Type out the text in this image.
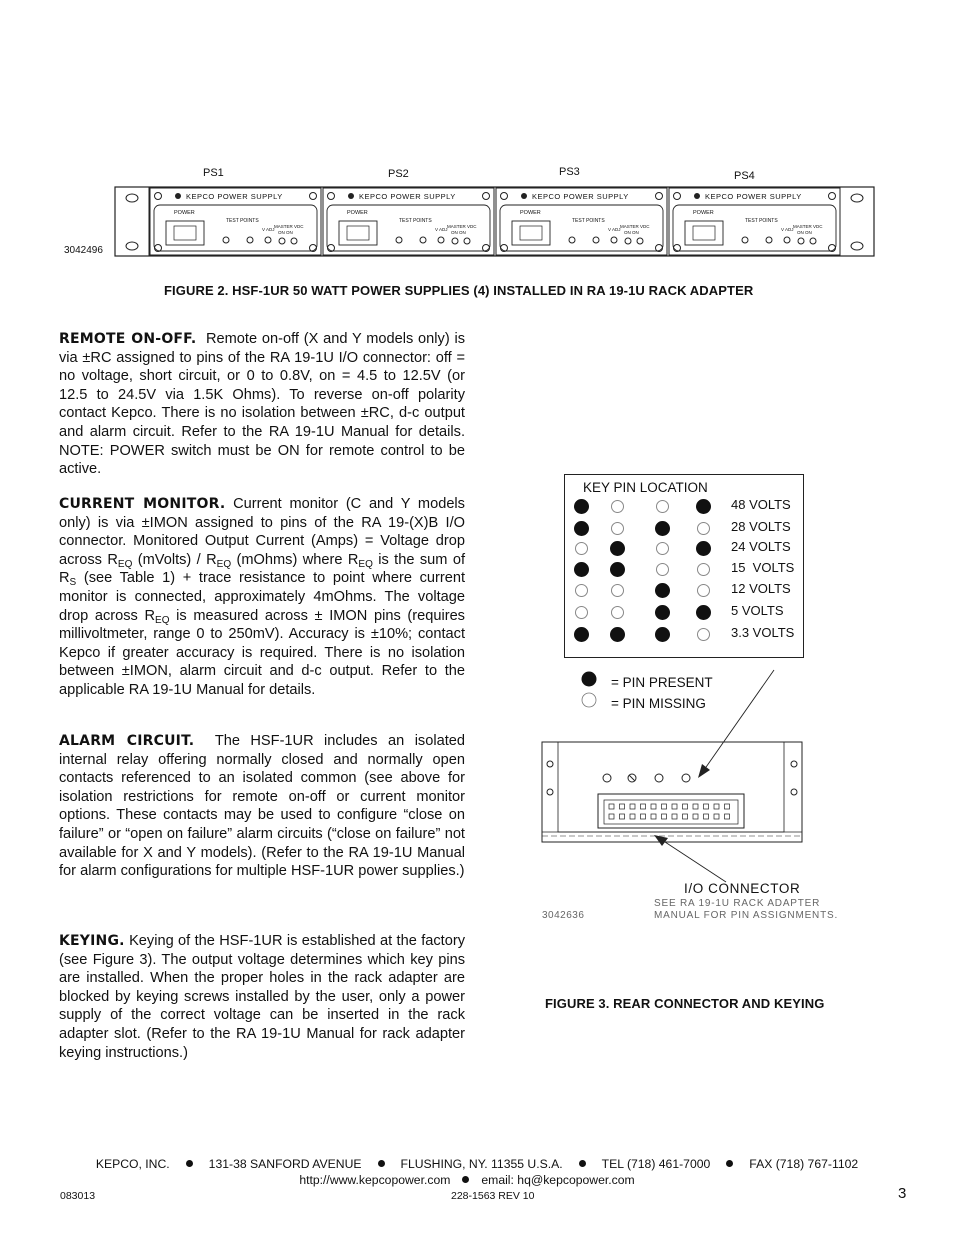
PS1	PS2	PS3	PS4
3042496
KEPCO POWER SUPPLY
POWER
TEST POINTS
V ADJ
MASTER VDC
ON ON
KEPCO POWER SUPPLY
POWER
TEST POINTS
V ADJ
MASTER VDC
ON ON
KEPCO POWER SUPPLY
POWER
TEST POINTS
V ADJ
MASTER VDC
ON ON
KEPCO POWER SUPPLY
POWER
TEST POINTS
V ADJ
MASTER VDC
ON ON
FIGURE 2. HSF-1UR 50 WATT POWER SUPPLIES (4) INSTALLED IN RA 19-1U RACK ADAPTER

REMOTE ON-OFF. Remote on-off (X and Y models only) is via ±RC assigned to pins of the RA 19-1U I/O connector: off = no voltage, short circuit, or 0 to 0.8V, on = 4.5 to 12.5V (or 12.5 to 24.5V via 1.5K Ohms). To reverse on-off polarity contact Kepco. There is no isolation between ±RC, d-c output and alarm circuit. Refer to the RA 19-1U Manual for details. NOTE: POWER switch must be ON for remote control to be active.

CURRENT MONITOR. Current monitor (C and Y models only) is via ±IMON assigned to pins of the RA 19-(X)B I/O connector. Monitored Output Current (Amps) = Voltage drop across $R_{EQ}$ (mVolts) / $R_{EQ}$ (mOhms) where $R_{EQ}$ is the sum of $R_S$ (see Table 1) + trace resistance to point where current monitor is connected, approximately 4mOhms. The voltage drop across $R_{EQ}$ is measured across ± IMON pins (requires millivoltmeter, range 0 to 250mV). Accuracy is ±10%; contact Kepco if greater accuracy is required. There is no isolation between ±IMON, alarm circuit and d-c output. Refer to the applicable RA 19-1U Manual for details.

ALARM CIRCUIT. The HSF-1UR includes an isolated internal relay offering normally closed and normally open contacts referenced to an isolated common (see above for isolation restrictions for remote on-off or current monitor options. These contacts may be used to configure “close on failure” or “open on failure” alarm circuits (“close on failure” not available for X and Y models). (Refer to the RA 19-1U Manual for alarm configurations for multiple HSF-1UR power supplies.)

KEYING. Keying of the HSF-1UR is established at the factory (see Figure 3). The output voltage determines which key pins are installed. When the proper holes in the rack adapter are blocked by keying screws installed by the user, only a power supply of the correct voltage can be inserted in the rack adapter slot. (Refer to the RA 19-1U Manual for rack adapter keying instructions.)

KEY PIN LOCATION
48 VOLTS
28 VOLTS
24 VOLTS
15  VOLTS
12 VOLTS
5 VOLTS
3.3 VOLTS
= PIN PRESENT
= PIN MISSING
I/O CONNECTOR
SEE RA 19-1U RACK ADAPTER
MANUAL FOR PIN ASSIGNMENTS.
3042636
FIGURE 3. REAR CONNECTOR AND KEYING
KEPCO, INC.	131-38 SANFORD AVENUE	FLUSHING, NY. 11355 U.S.A.	TEL (718) 461-7000	FAX (718) 767-1102
http://www.kepcopower.com	email: hq@kepcopower.com
083013	228-1563 REV 10	3
